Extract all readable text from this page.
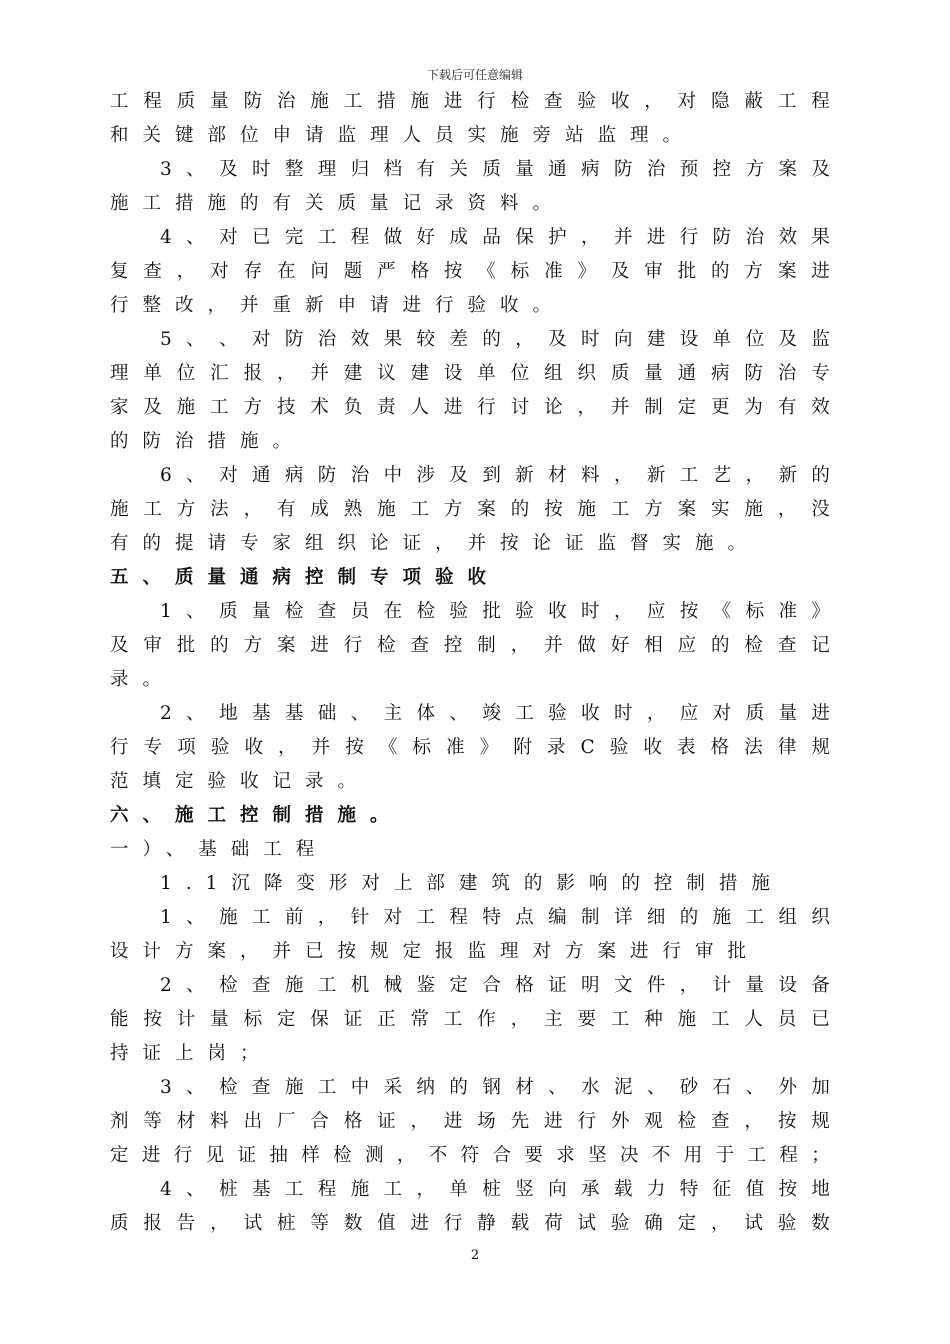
下载后可任意编辑
工 程 质 量 防 治 施 工 措 施 进 行 检 查 验 收 ， 对 隐 蔽 工 程
和关键部位申请监理人员实施旁站监理。
3 、 及 时 整 理 归 档 有 关 质 量 通 病 防 治 预 控 方 案 及
施工措施的有关质量记录资料。
4 、 对 已 完 工 程 做 好 成 品 保 护 ， 并 进 行 防 治 效 果
复 查 ， 对 存 在 问 题 严 格 按 《 标 准 》 及 审 批 的 方 案 进
行整改，并重新申请进行验收。
5 、 、 对 防 治 效 果 较 差 的 ， 及 时 向 建 设 单 位 及 监
理 单 位 汇 报 ， 并 建 议 建 设 单 位 组 织 质 量 通 病 防 治 专
家 及 施 工 方 技 术 负 责 人 进 行 讨 论 ， 并 制 定 更 为 有 效
的防治措施。
6 、 对 通 病 防 治 中 涉 及 到 新 材 料 ， 新 工 艺 ， 新 的
施 工 方 法 ， 有 成 熟 施 工 方 案 的 按 施 工 方 案 实 施 ， 没
有的提请专家组织论证，并按论证监督实施。
五、质量通病控制专项验收
1 、 质 量 检 查 员 在 检 验 批 验 收 时 ， 应 按 《 标 准 》
及 审 批 的 方 案 进 行 检 查 控 制 ， 并 做 好 相 应 的 检 查 记
录。
2 、 地 基 基 础 、 主 体 、 竣 工 验 收 时 ， 应 对 质 量 进
行 专 项 验 收 ， 并 按 《 标 准 》 附 录 C 验 收 表 格 法 律 规
范填定验收记录。
六、施工控制措施。
一）、基础工程
1.1沉降变形对上部建筑的影响的控制措施
1 、 施 工 前 ， 针 对 工 程 特 点 编 制 详 细 的 施 工 组 织
设计方案，并已按规定报监理对方案进行审批
2 、 检 查 施 工 机 械 鉴 定 合 格 证 明 文 件 ， 计 量 设 备
能 按 计 量 标 定 保 证 正 常 工 作 ， 主 要 工 种 施 工 人 员 已
持证上岗；
3 、 检 查 施 工 中 采 纳 的 钢 材 、 水 泥 、 砂 石 、 外 加
剂 等 材 料 出 厂 合 格 证 ， 进 场 先 进 行 外 观 检 查 ， 按 规
定 进 行 见 证 抽 样 检 测 ， 不 符 合 要 求 坚 决 不 用 于 工 程 ；
4 、 桩 基 工 程 施 工 ， 单 桩 竖 向 承 载 力 特 征 值 按 地
质 报 告 ， 试 桩 等 数 值 进 行 静 载 荷 试 验 确 定 ， 试 验 数
2
